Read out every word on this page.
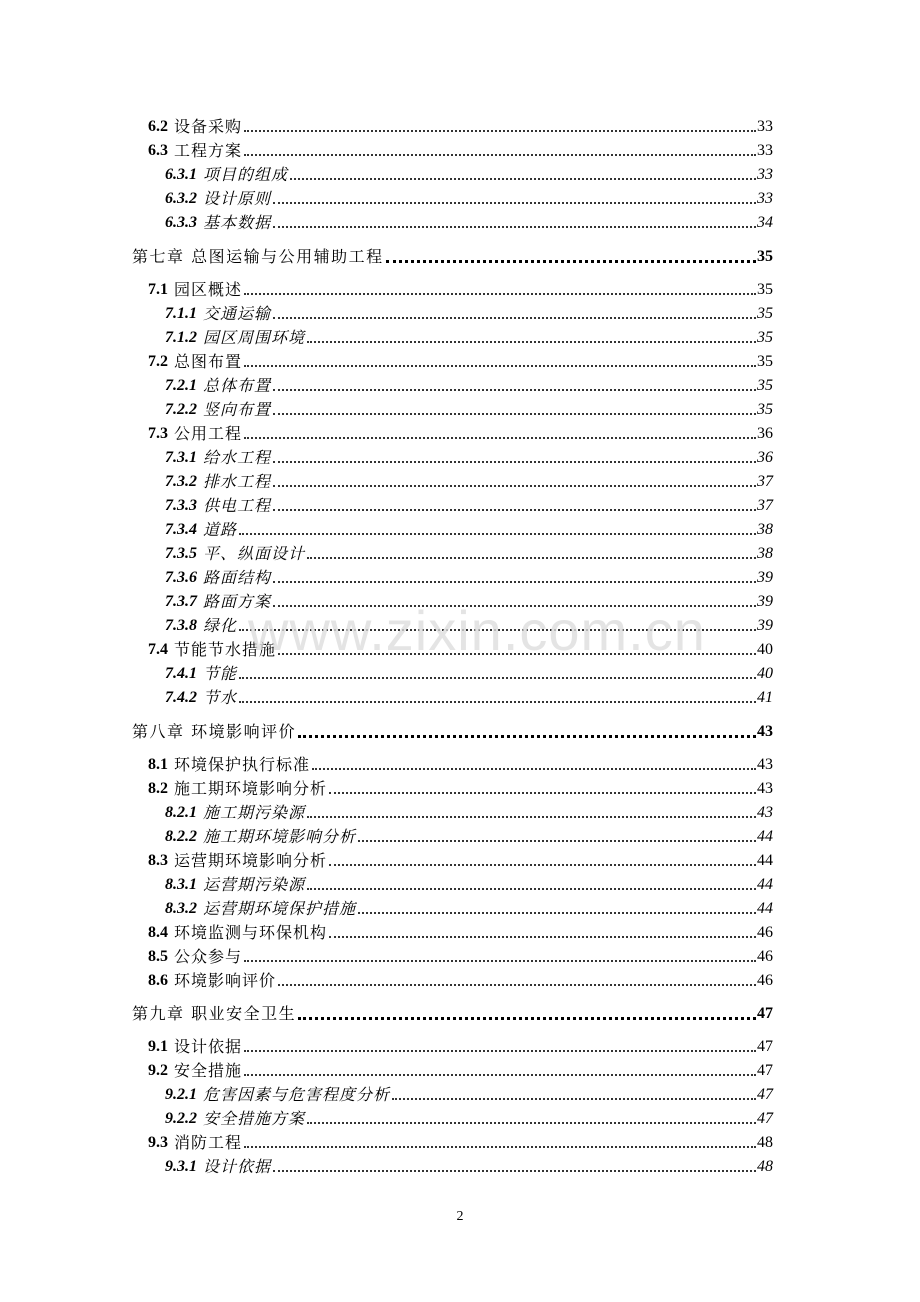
6.2 设备采购	33
6.3 工程方案	33
6.3.1 项目的组成	33
6.3.2 设计原则	33
6.3.3 基本数据	34
第七章 总图运输与公用辅助工程	35
7.1 园区概述	35
7.1.1 交通运输	35
7.1.2 园区周围环境	35
7.2 总图布置	35
7.2.1 总体布置	35
7.2.2 竖向布置	35
7.3 公用工程	36
7.3.1 给水工程	36
7.3.2 排水工程	37
7.3.3 供电工程	37
7.3.4 道路	38
7.3.5 平、纵面设计	38
7.3.6 路面结构	39
7.3.7 路面方案	39
7.3.8 绿化	39
7.4 节能节水措施	40
7.4.1 节能	40
7.4.2 节水	41
第八章 环境影响评价	43
8.1 环境保护执行标准	43
8.2 施工期环境影响分析	43
8.2.1 施工期污染源	43
8.2.2 施工期环境影响分析	44
8.3 运营期环境影响分析	44
8.3.1 运营期污染源	44
8.3.2 运营期环境保护措施	44
8.4 环境监测与环保机构	46
8.5 公众参与	46
8.6 环境影响评价	46
第九章 职业安全卫生	47
9.1 设计依据	47
9.2 安全措施	47
9.2.1 危害因素与危害程度分析	47
9.2.2 安全措施方案	47
9.3 消防工程	48
9.3.1 设计依据	48
www.zixin.com.cn
2
